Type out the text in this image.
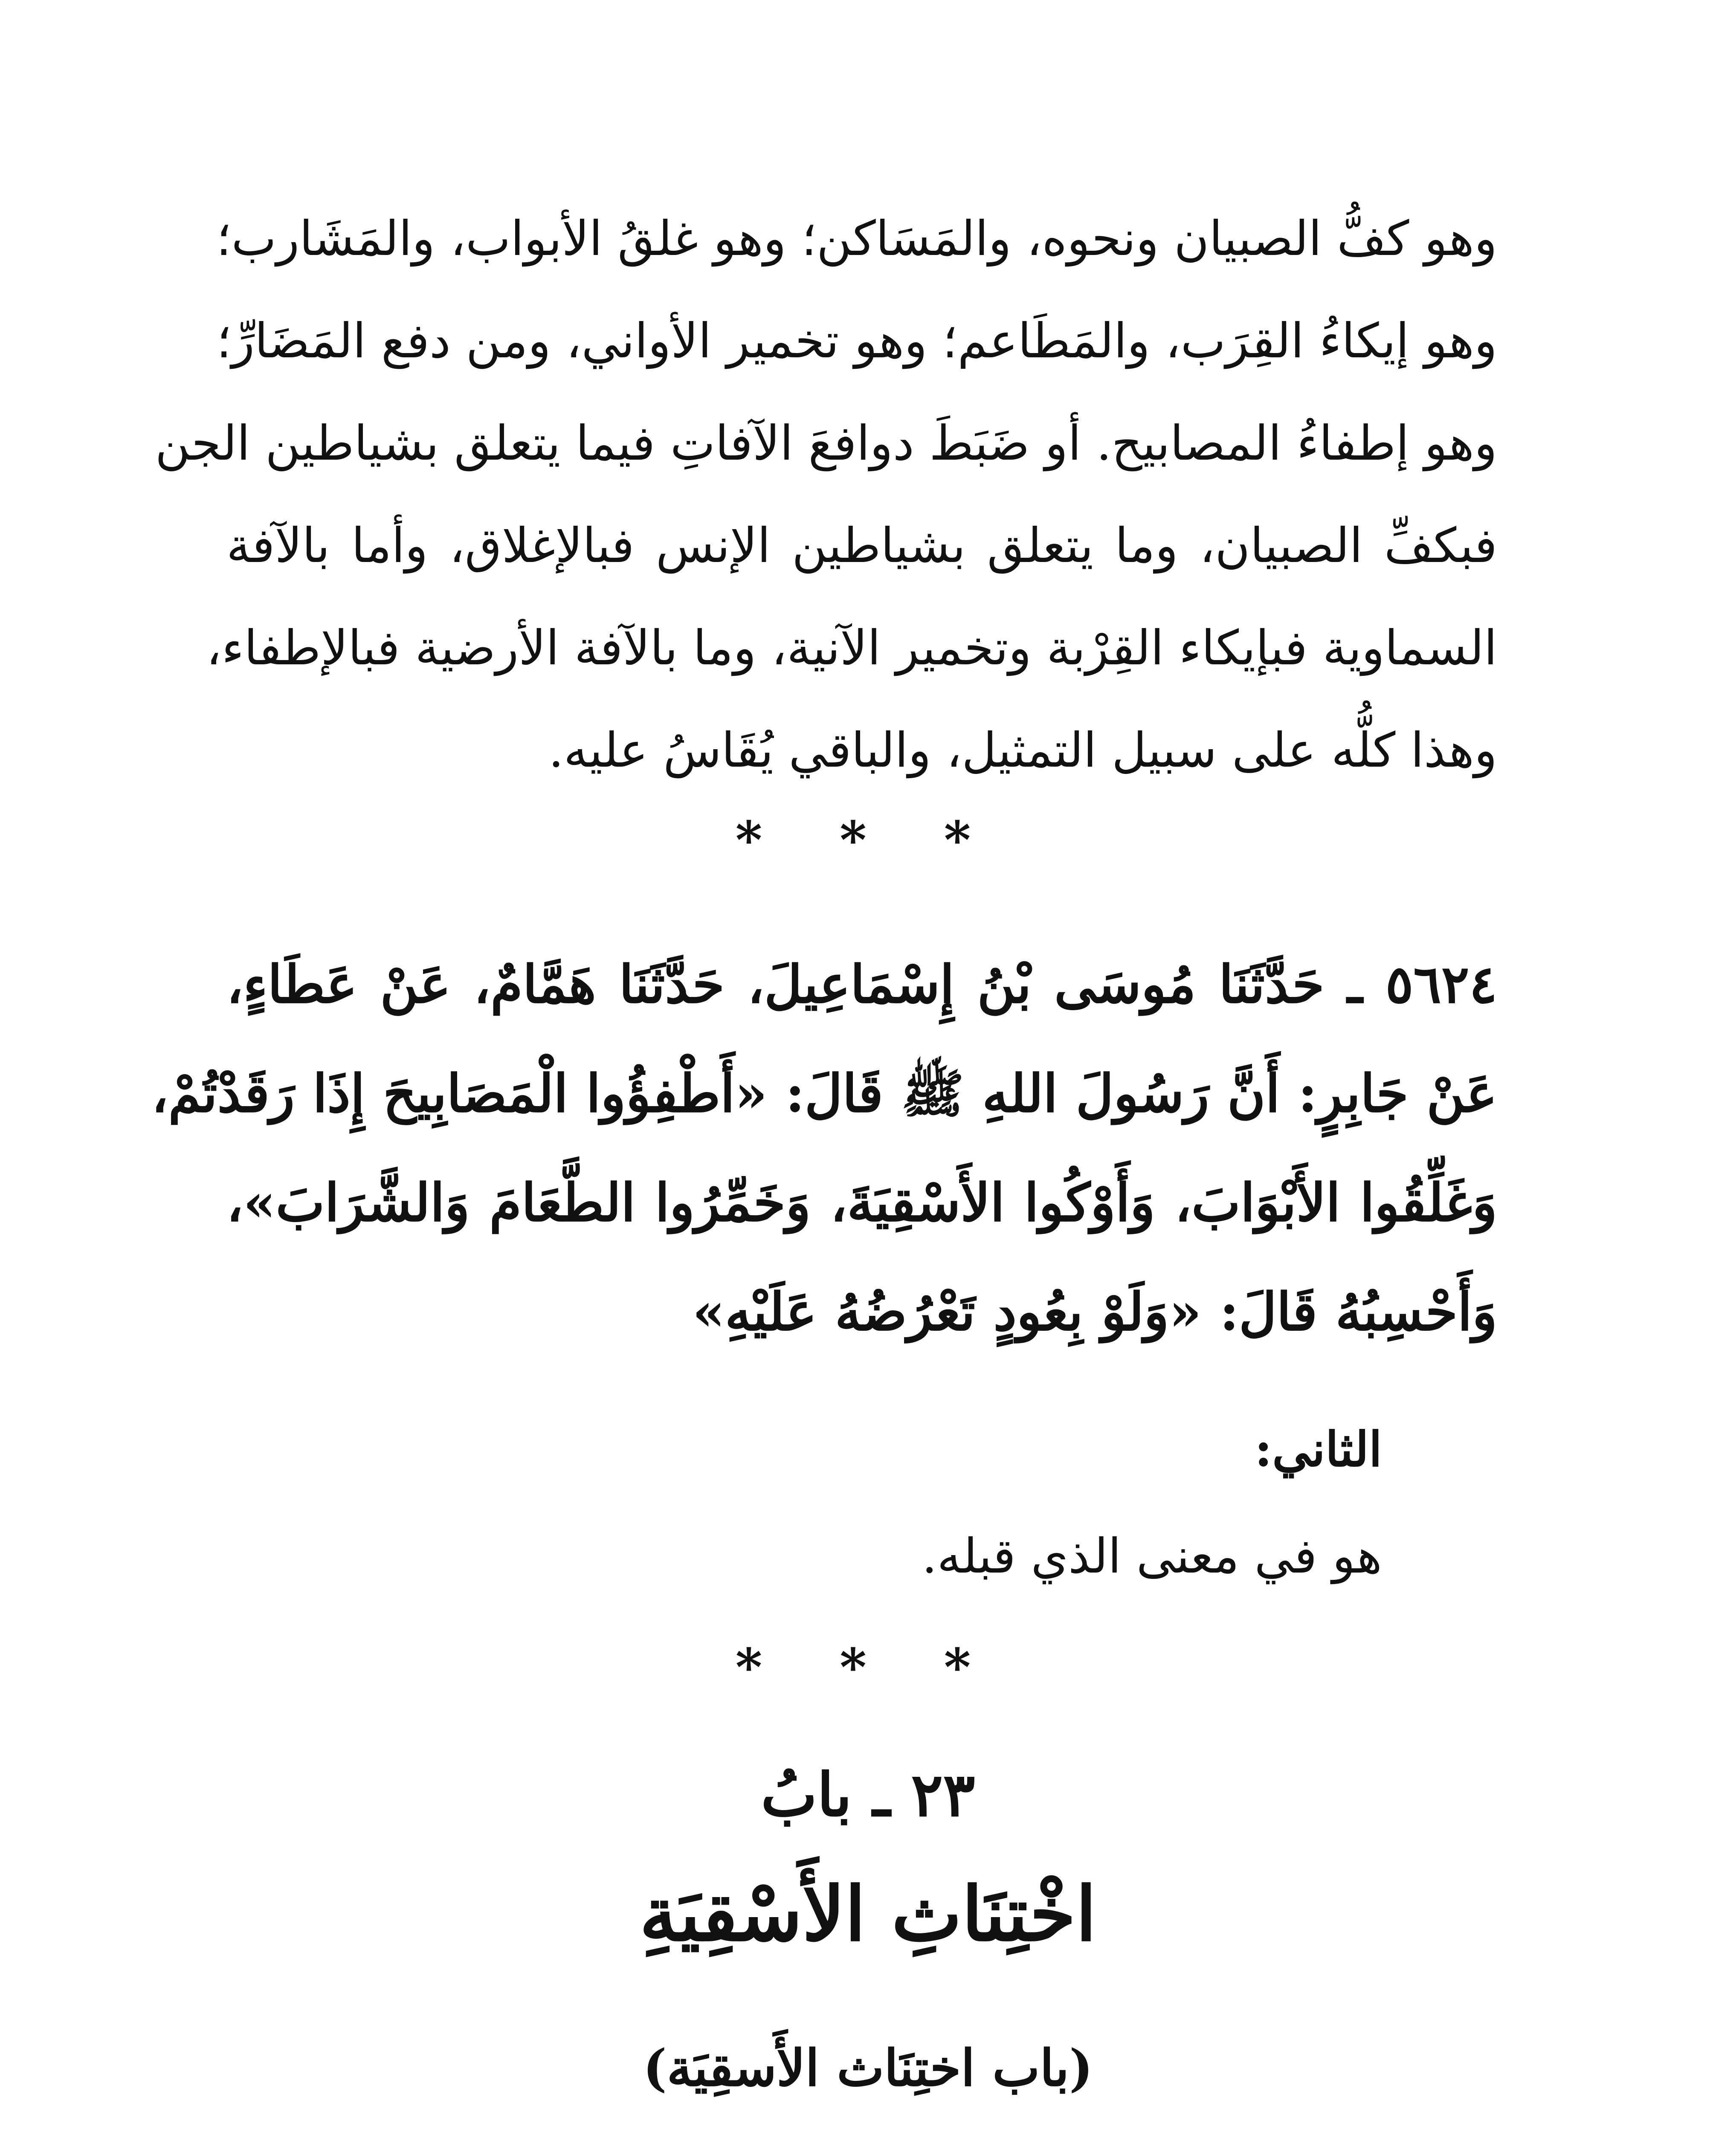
وهو كفُّ الصبيان ونحوه، والمَسَاكن؛ وهو غلقُ الأبواب، والمَشَارب؛
وهو إيكاءُ القِرَب، والمَطَاعم؛ وهو تخمير الأواني، ومن دفع المَضَارِّ؛
وهو إطفاءُ المصابيح. أو ضَبَطَ دوافعَ الآفاتِ فيما يتعلق بشياطين الجن
فبكفِّ الصبيان، وما يتعلق بشياطين الإنس فبالإغلاق، وأما بالآفة
السماوية فبإيكاء القِرْبة وتخمير الآنية، وما بالآفة الأرضية فبالإطفاء،
وهذا كلُّه على سبيل التمثيل، والباقي يُقَاسُ عليه.
* * *
٥٦٢٤ ـ حَدَّثَنَا مُوسَى بْنُ إِسْمَاعِيلَ، حَدَّثَنَا هَمَّامٌ، عَنْ عَطَاءٍ،
عَنْ جَابِرٍ: أَنَّ رَسُولَ اللهِ ﷺ قَالَ: «أَطْفِؤُوا الْمَصَابِيحَ إِذَا رَقَدْتُمْ،
وَغَلِّقُوا الأَبْوَابَ، وَأَوْكُوا الأَسْقِيَةَ، وَخَمِّرُوا الطَّعَامَ وَالشَّرَابَ»،
وَأَحْسِبُهُ قَالَ: «وَلَوْ بِعُودٍ تَعْرُضُهُ عَلَيْهِ»
الثاني:
هو في معنى الذي قبله.
* * *
٢٣ ـ بابُ
اخْتِنَاثِ الأَسْقِيَةِ
(باب اختِنَاث الأَسقِيَة)
